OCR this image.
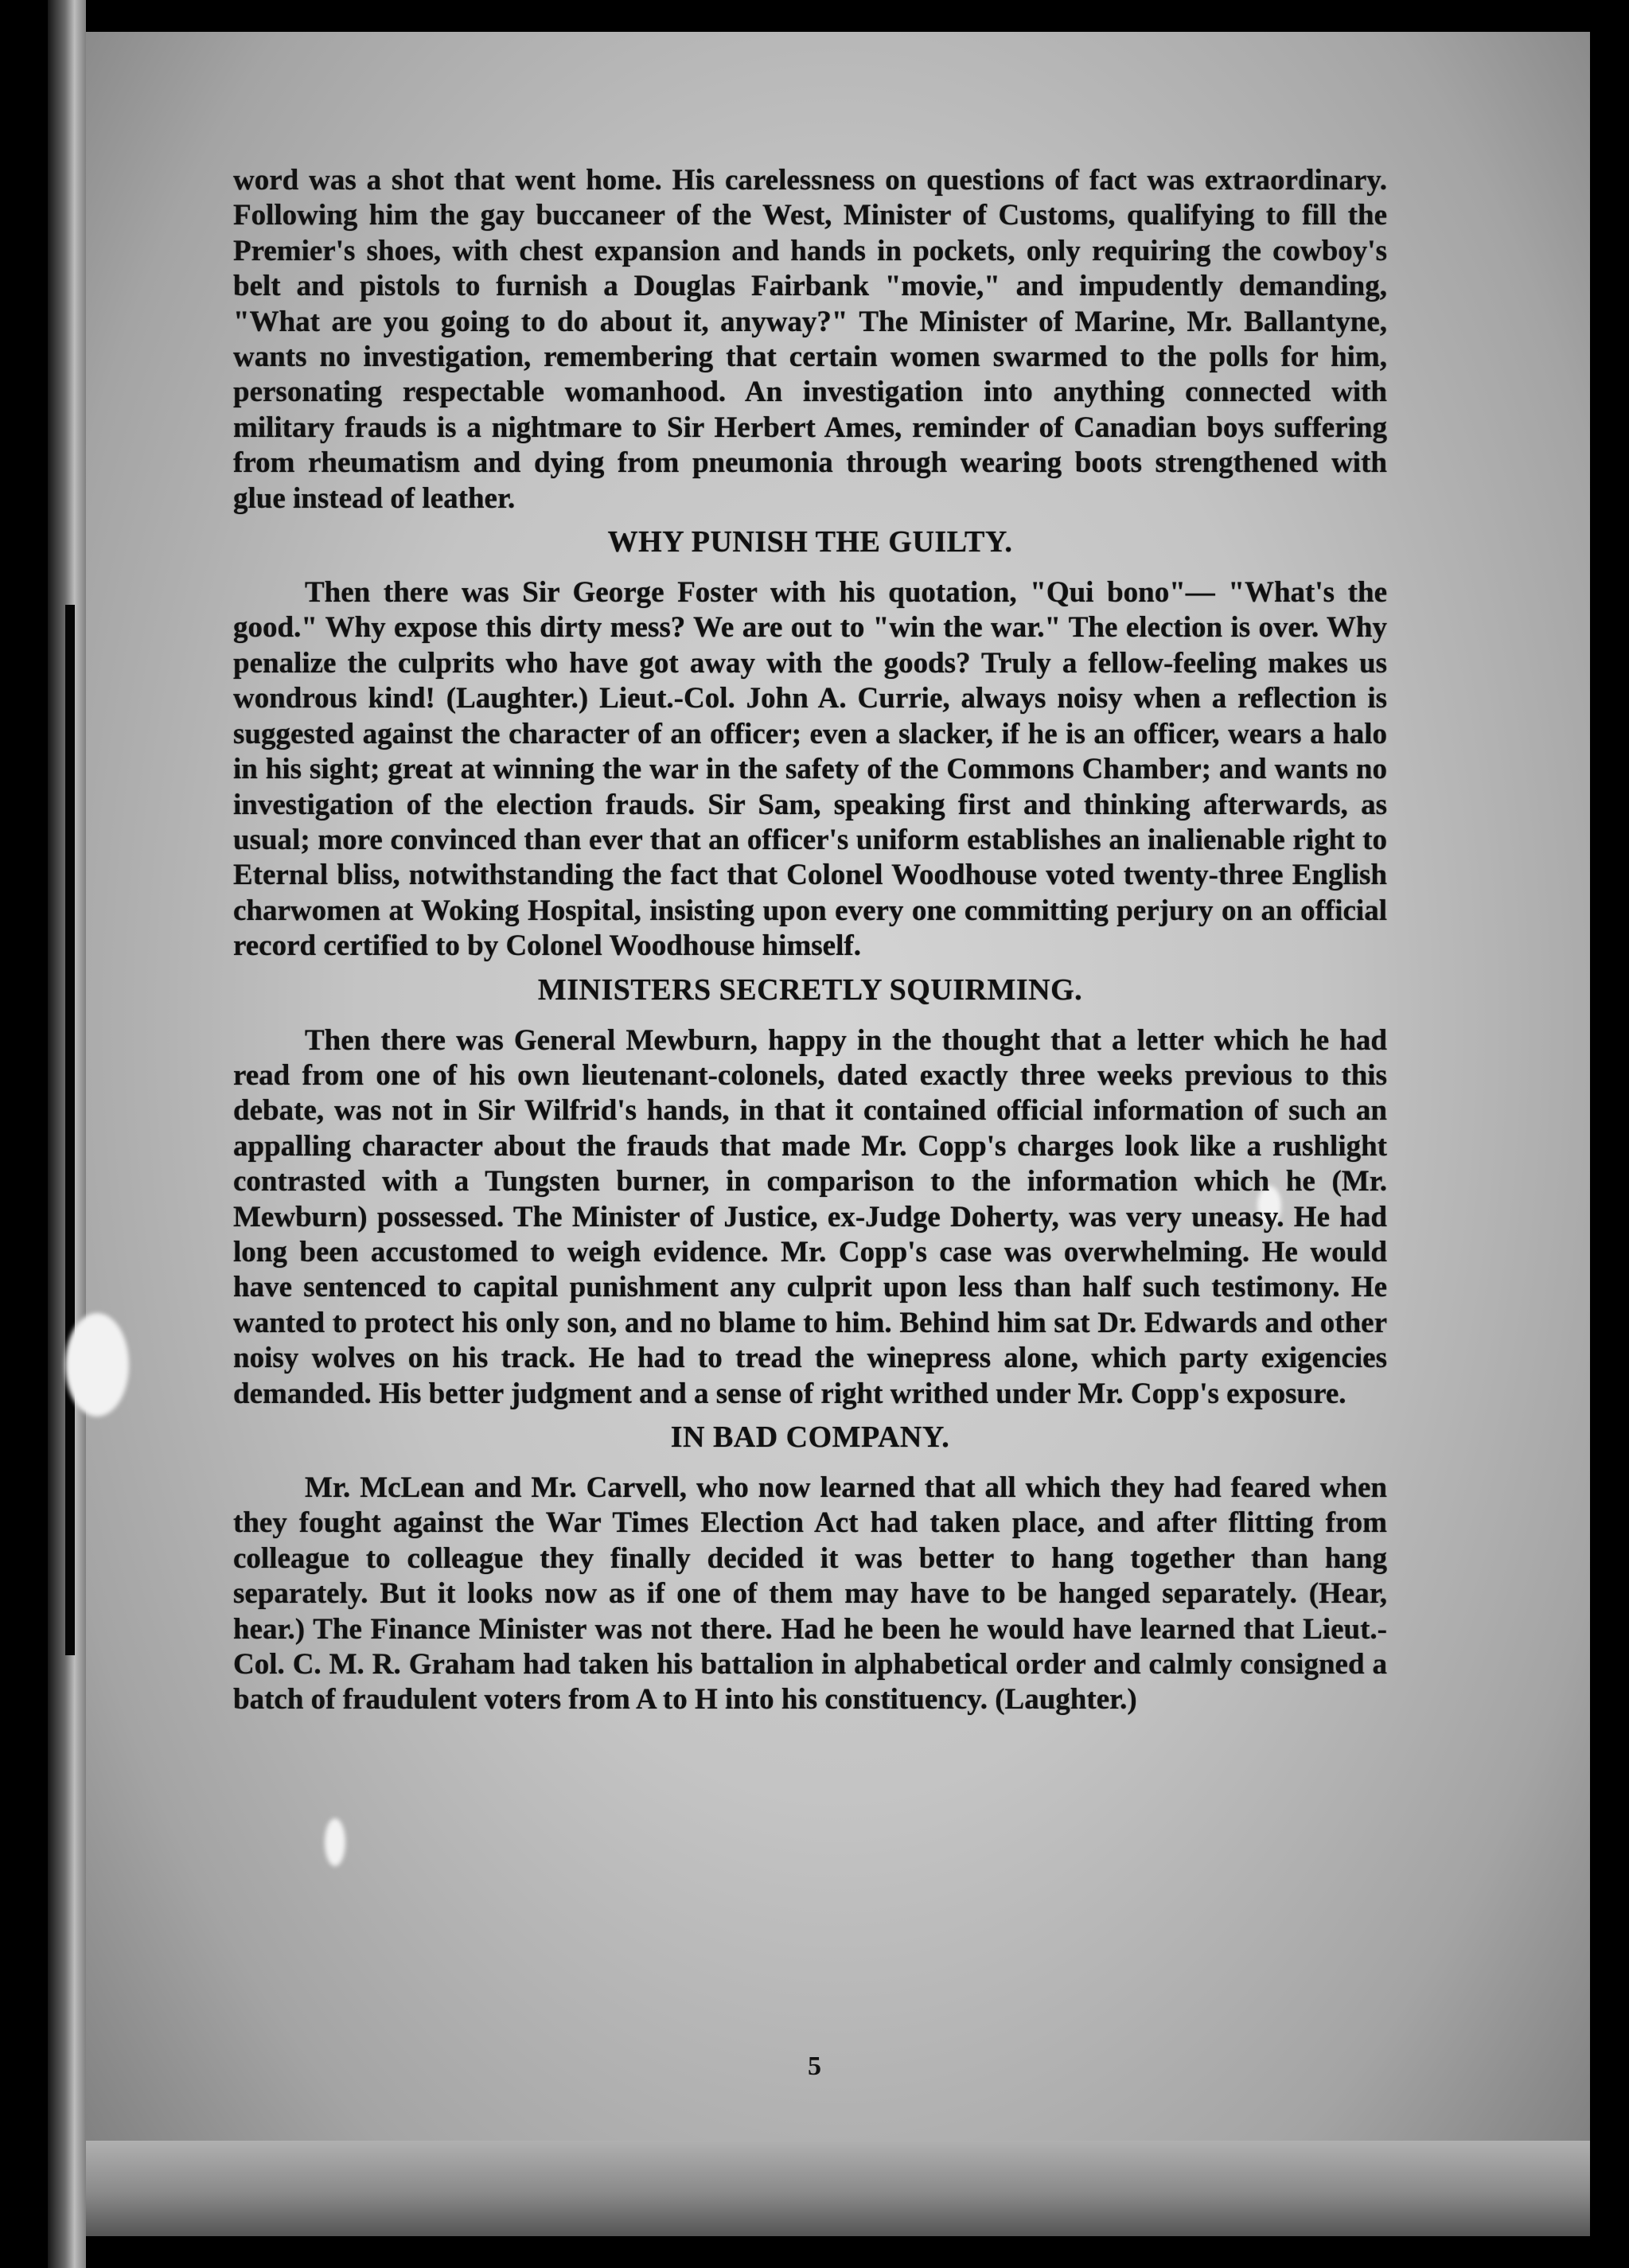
word was a shot that went home. His carelessness on questions of fact was extraordinary. Following him the gay buccaneer of the West, Minister of Customs, qualifying to fill the Premier's shoes, with chest expansion and hands in pockets, only requiring the cowboy's belt and pistols to furnish a Douglas Fairbank "movie," and impudently demanding, "What are you going to do about it, anyway?" The Minister of Marine, Mr. Ballantyne, wants no investigation, remembering that certain women swarmed to the polls for him, personating respectable womanhood. An investigation into anything connected with military frauds is a nightmare to Sir Herbert Ames, reminder of Canadian boys suffering from rheumatism and dying from pneumonia through wearing boots strengthened with glue instead of leather.

WHY PUNISH THE GUILTY.

Then there was Sir George Foster with his quotation, "Qui bono"— "What's the good." Why expose this dirty mess? We are out to "win the war." The election is over. Why penalize the culprits who have got away with the goods? Truly a fellow-feeling makes us wondrous kind! (Laughter.) Lieut.-Col. John A. Currie, always noisy when a reflection is suggested against the character of an officer; even a slacker, if he is an officer, wears a halo in his sight; great at winning the war in the safety of the Commons Chamber; and wants no investigation of the election frauds. Sir Sam, speaking first and thinking afterwards, as usual; more convinced than ever that an officer's uniform establishes an inalienable right to Eternal bliss, notwithstanding the fact that Colonel Woodhouse voted twenty-three English charwomen at Woking Hospital, insisting upon every one committing perjury on an official record certified to by Colonel Woodhouse himself.

MINISTERS SECRETLY SQUIRMING.

Then there was General Mewburn, happy in the thought that a letter which he had read from one of his own lieutenant-colonels, dated exactly three weeks previous to this debate, was not in Sir Wilfrid's hands, in that it contained official information of such an appalling character about the frauds that made Mr. Copp's charges look like a rushlight contrasted with a Tungsten burner, in comparison to the information which he (Mr. Mewburn) possessed. The Minister of Justice, ex-Judge Doherty, was very uneasy. He had long been accustomed to weigh evidence. Mr. Copp's case was overwhelming. He would have sentenced to capital punishment any culprit upon less than half such testimony. He wanted to protect his only son, and no blame to him. Behind him sat Dr. Edwards and other noisy wolves on his track. He had to tread the winepress alone, which party exigencies demanded. His better judgment and a sense of right writhed under Mr. Copp's exposure.

IN BAD COMPANY.

Mr. McLean and Mr. Carvell, who now learned that all which they had feared when they fought against the War Times Election Act had taken place, and after flitting from colleague to colleague they finally decided it was better to hang together than hang separately. But it looks now as if one of them may have to be hanged separately. (Hear, hear.) The Finance Minister was not there. Had he been he would have learned that Lieut.-Col. C. M. R. Graham had taken his battalion in alphabetical order and calmly consigned a batch of fraudulent voters from A to H into his constituency. (Laughter.)

5
